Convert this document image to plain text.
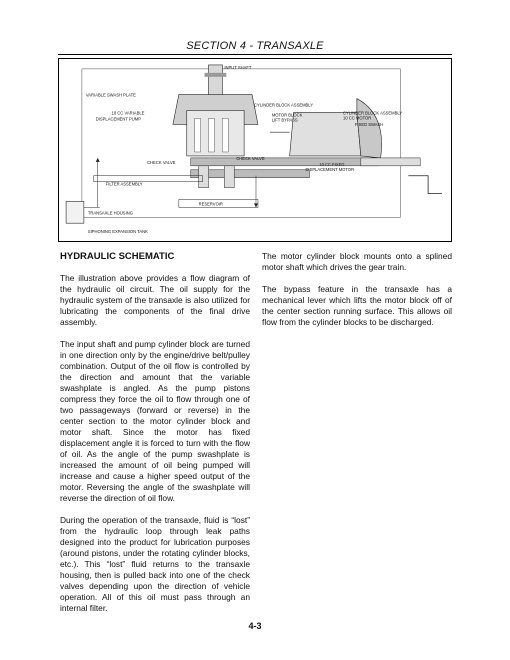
SECTION 4 - TRANSAXLE
INPUT SHAFT
VARIABLE SWASH PLATE
CYLINDER BLOCK ASSEMBLY
10 CC VARIABLE
DISPLACEMENT PUMP
MOTOR BLOCK
LIFT BYPASS
CYLINDER BLOCK ASSEMBLY
10 CC MOTOR
FIXED SWASH
CHECK VALVE
CHECK VALVE
10 CC FIXED
DISPLACEMENT MOTOR
FILTER ASSEMBLY
RESERVOIR
TRANSAXLE HOUSING
SIPHONING EXPANSION TANK
HYDRAULIC SCHEMATIC

The illustration above provides a flow diagram of the hydraulic oil circuit. The oil supply for the hydraulic system of the transaxle is also utilized for lubricating the components of the final drive assembly.

The input shaft and pump cylinder block are turned in one direction only by the engine/drive belt/pulley combination. Output of the oil flow is controlled by the direction and amount that the variable swashplate is angled. As the pump pistons compress they force the oil to flow through one of two passageways (forward or reverse) in the center section to the motor cylinder block and motor shaft. Since the motor has fixed displacement angle it is forced to turn with the flow of oil. As the angle of the pump swashplate is increased the amount of oil being pumped will increase and cause a higher speed output of the motor. Reversing the angle of the swashplate will reverse the direction of oil flow.

During the operation of the transaxle, fluid is “lost” from the hydraulic loop through leak paths designed into the product for lubrication purposes (around pistons, under the rotating cylinder blocks, etc.). This “lost” fluid returns to the transaxle housing, then is pulled back into one of the check valves depending upon the direction of vehicle operation. All of this oil must pass through an internal filter.

The motor cylinder block mounts onto a splined motor shaft which drives the gear train.

The bypass feature in the transaxle has a mechanical lever which lifts the motor block off of the center section running surface. This allows oil flow from the cylinder blocks to be discharged.

4-3
